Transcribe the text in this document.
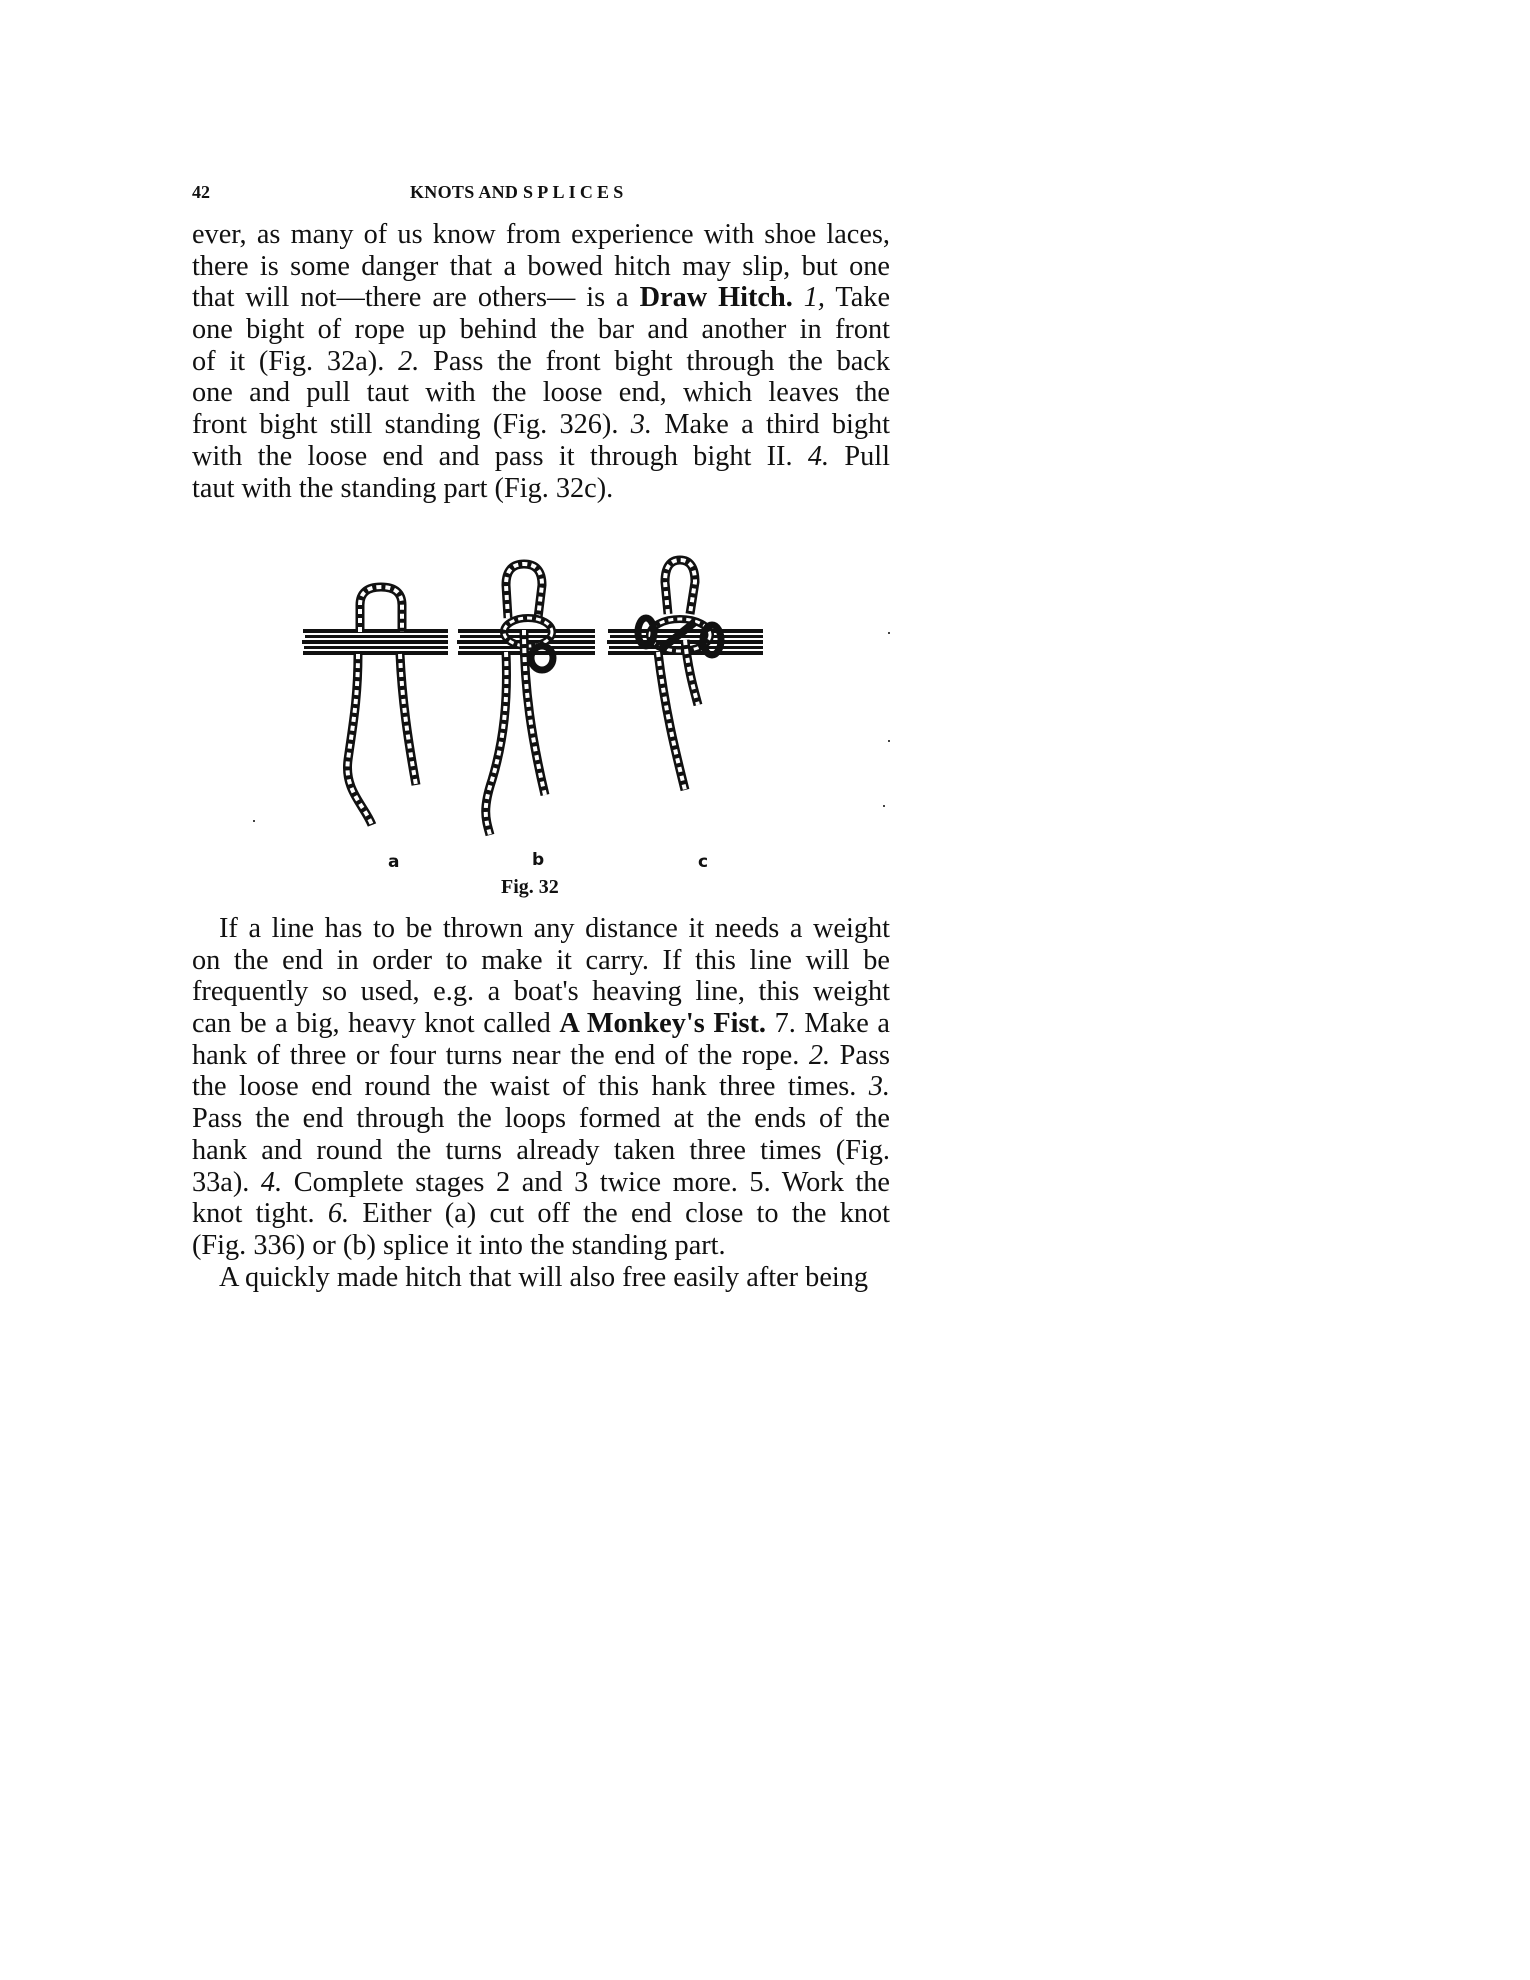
42	KNOTS AND SPLICES
ever, as many of us know from experience with shoe laces,
there is some danger that a bowed hitch may slip, but one
that will not—there are others— is a Draw Hitch. 1, Take
one bight of rope up behind the bar and another in front
of it (Fig. 32a). 2. Pass the front bight through the back
one and pull taut with the loose end, which leaves the
front bight still standing (Fig. 326). 3. Make a third bight
with the loose end and pass it through bight II. 4. Pull
taut with the standing part (Fig. 32c).
a	b	c
Fig. 32
If a line has to be thrown any distance it needs a weight
on the end in order to make it carry. If this line will be
frequently so used, e.g. a boat's heaving line, this weight
can be a big, heavy knot called A Monkey's Fist. 7. Make a
hank of three or four turns near the end of the rope. 2. Pass
the loose end round the waist of this hank three times. 3.
Pass the end through the loops formed at the ends of the
hank and round the turns already taken three times (Fig.
33a). 4. Complete stages 2 and 3 twice more. 5. Work the
knot tight. 6. Either (a) cut off the end close to the knot
(Fig. 336) or (b) splice it into the standing part.
A quickly made hitch that will also free easily after being
